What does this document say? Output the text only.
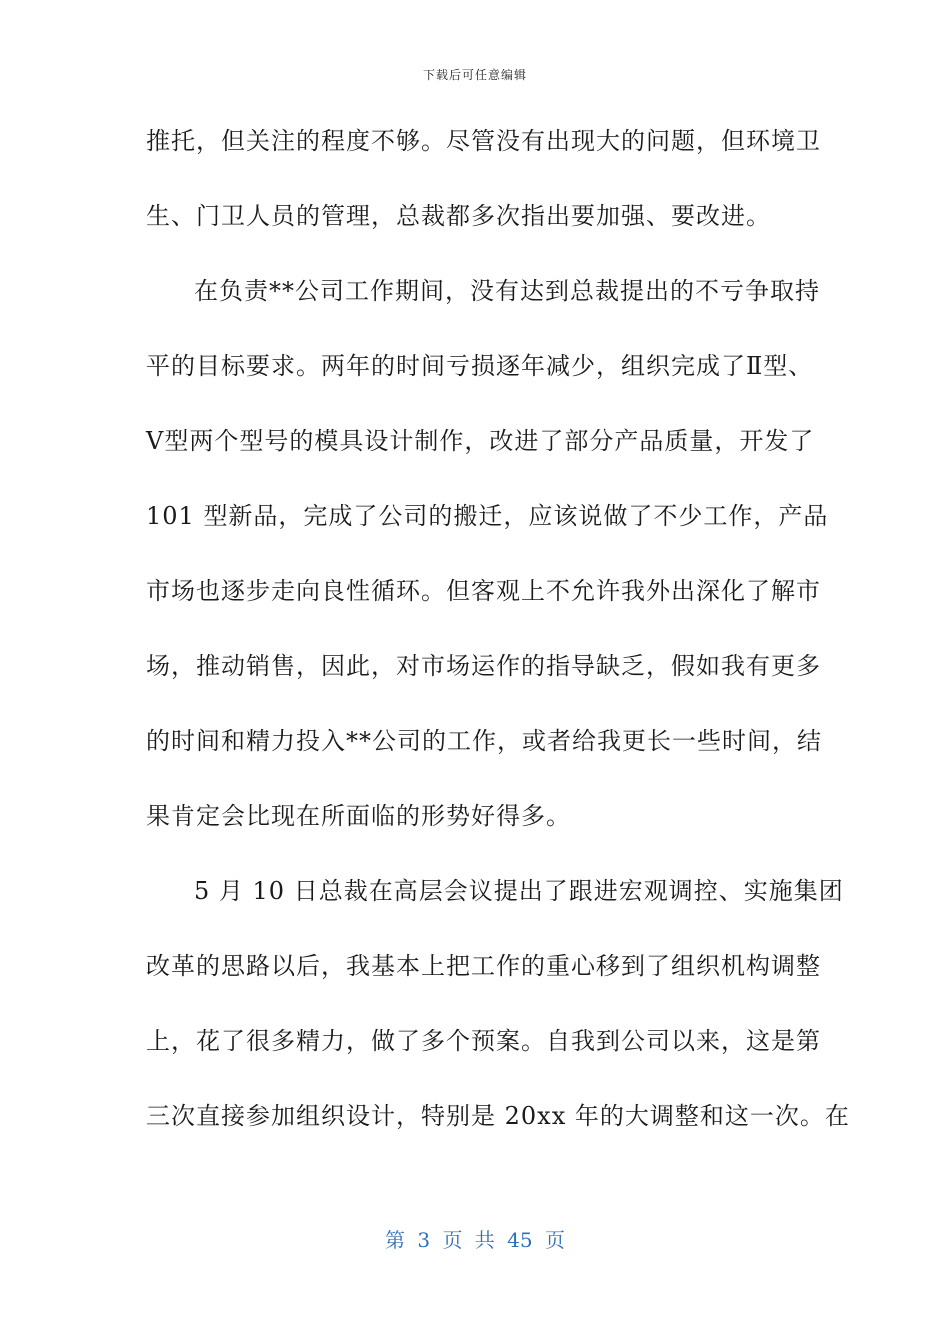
下载后可任意编辑
推托，但关注的程度不够。尽管没有出现大的问题，但环境卫
生、门卫人员的管理，总裁都多次指出要加强、要改进。
在负责**公司工作期间，没有达到总裁提出的不亏争取持
平的目标要求。两年的时间亏损逐年减少，组织完成了Ⅱ型、
Ⅴ型两个型号的模具设计制作，改进了部分产品质量，开发了
101 型新品，完成了公司的搬迁，应该说做了不少工作，产品
市场也逐步走向良性循环。但客观上不允许我外出深化了解市
场，推动销售，因此，对市场运作的指导缺乏，假如我有更多
的时间和精力投入**公司的工作，或者给我更长一些时间，结
果肯定会比现在所面临的形势好得多。
5 月 10 日总裁在高层会议提出了跟进宏观调控、实施集团
改革的思路以后，我基本上把工作的重心移到了组织机构调整
上，花了很多精力，做了多个预案。自我到公司以来，这是第
三次直接参加组织设计，特别是 20xx 年的大调整和这一次。在
第 3 页 共 45 页
